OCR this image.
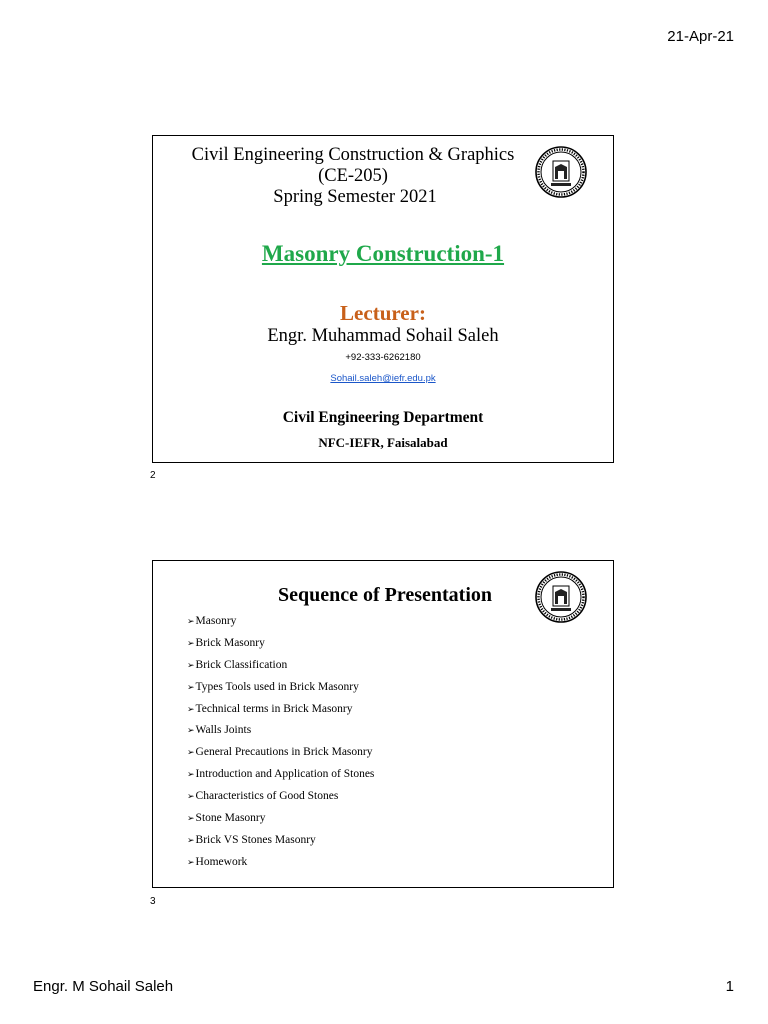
21-Apr-21
Civil Engineering Construction & Graphics
(CE-205)
Spring Semester 2021
Masonry Construction-1
Lecturer:
Engr. Muhammad Sohail Saleh
+92-333-6262180
Sohail.saleh@iefr.edu.pk
Civil Engineering Department
NFC-IEFR, Faisalabad
2
Sequence of Presentation
➢Masonry
➢Brick Masonry
➢Brick Classification
➢Types Tools used in Brick Masonry
➢Technical terms in Brick Masonry
➢Walls Joints
➢General Precautions in Brick Masonry
➢Introduction and Application of Stones
➢Characteristics of Good Stones
➢Stone Masonry
➢Brick VS Stones Masonry
➢Homework
3
Engr. M Sohail Saleh	1
